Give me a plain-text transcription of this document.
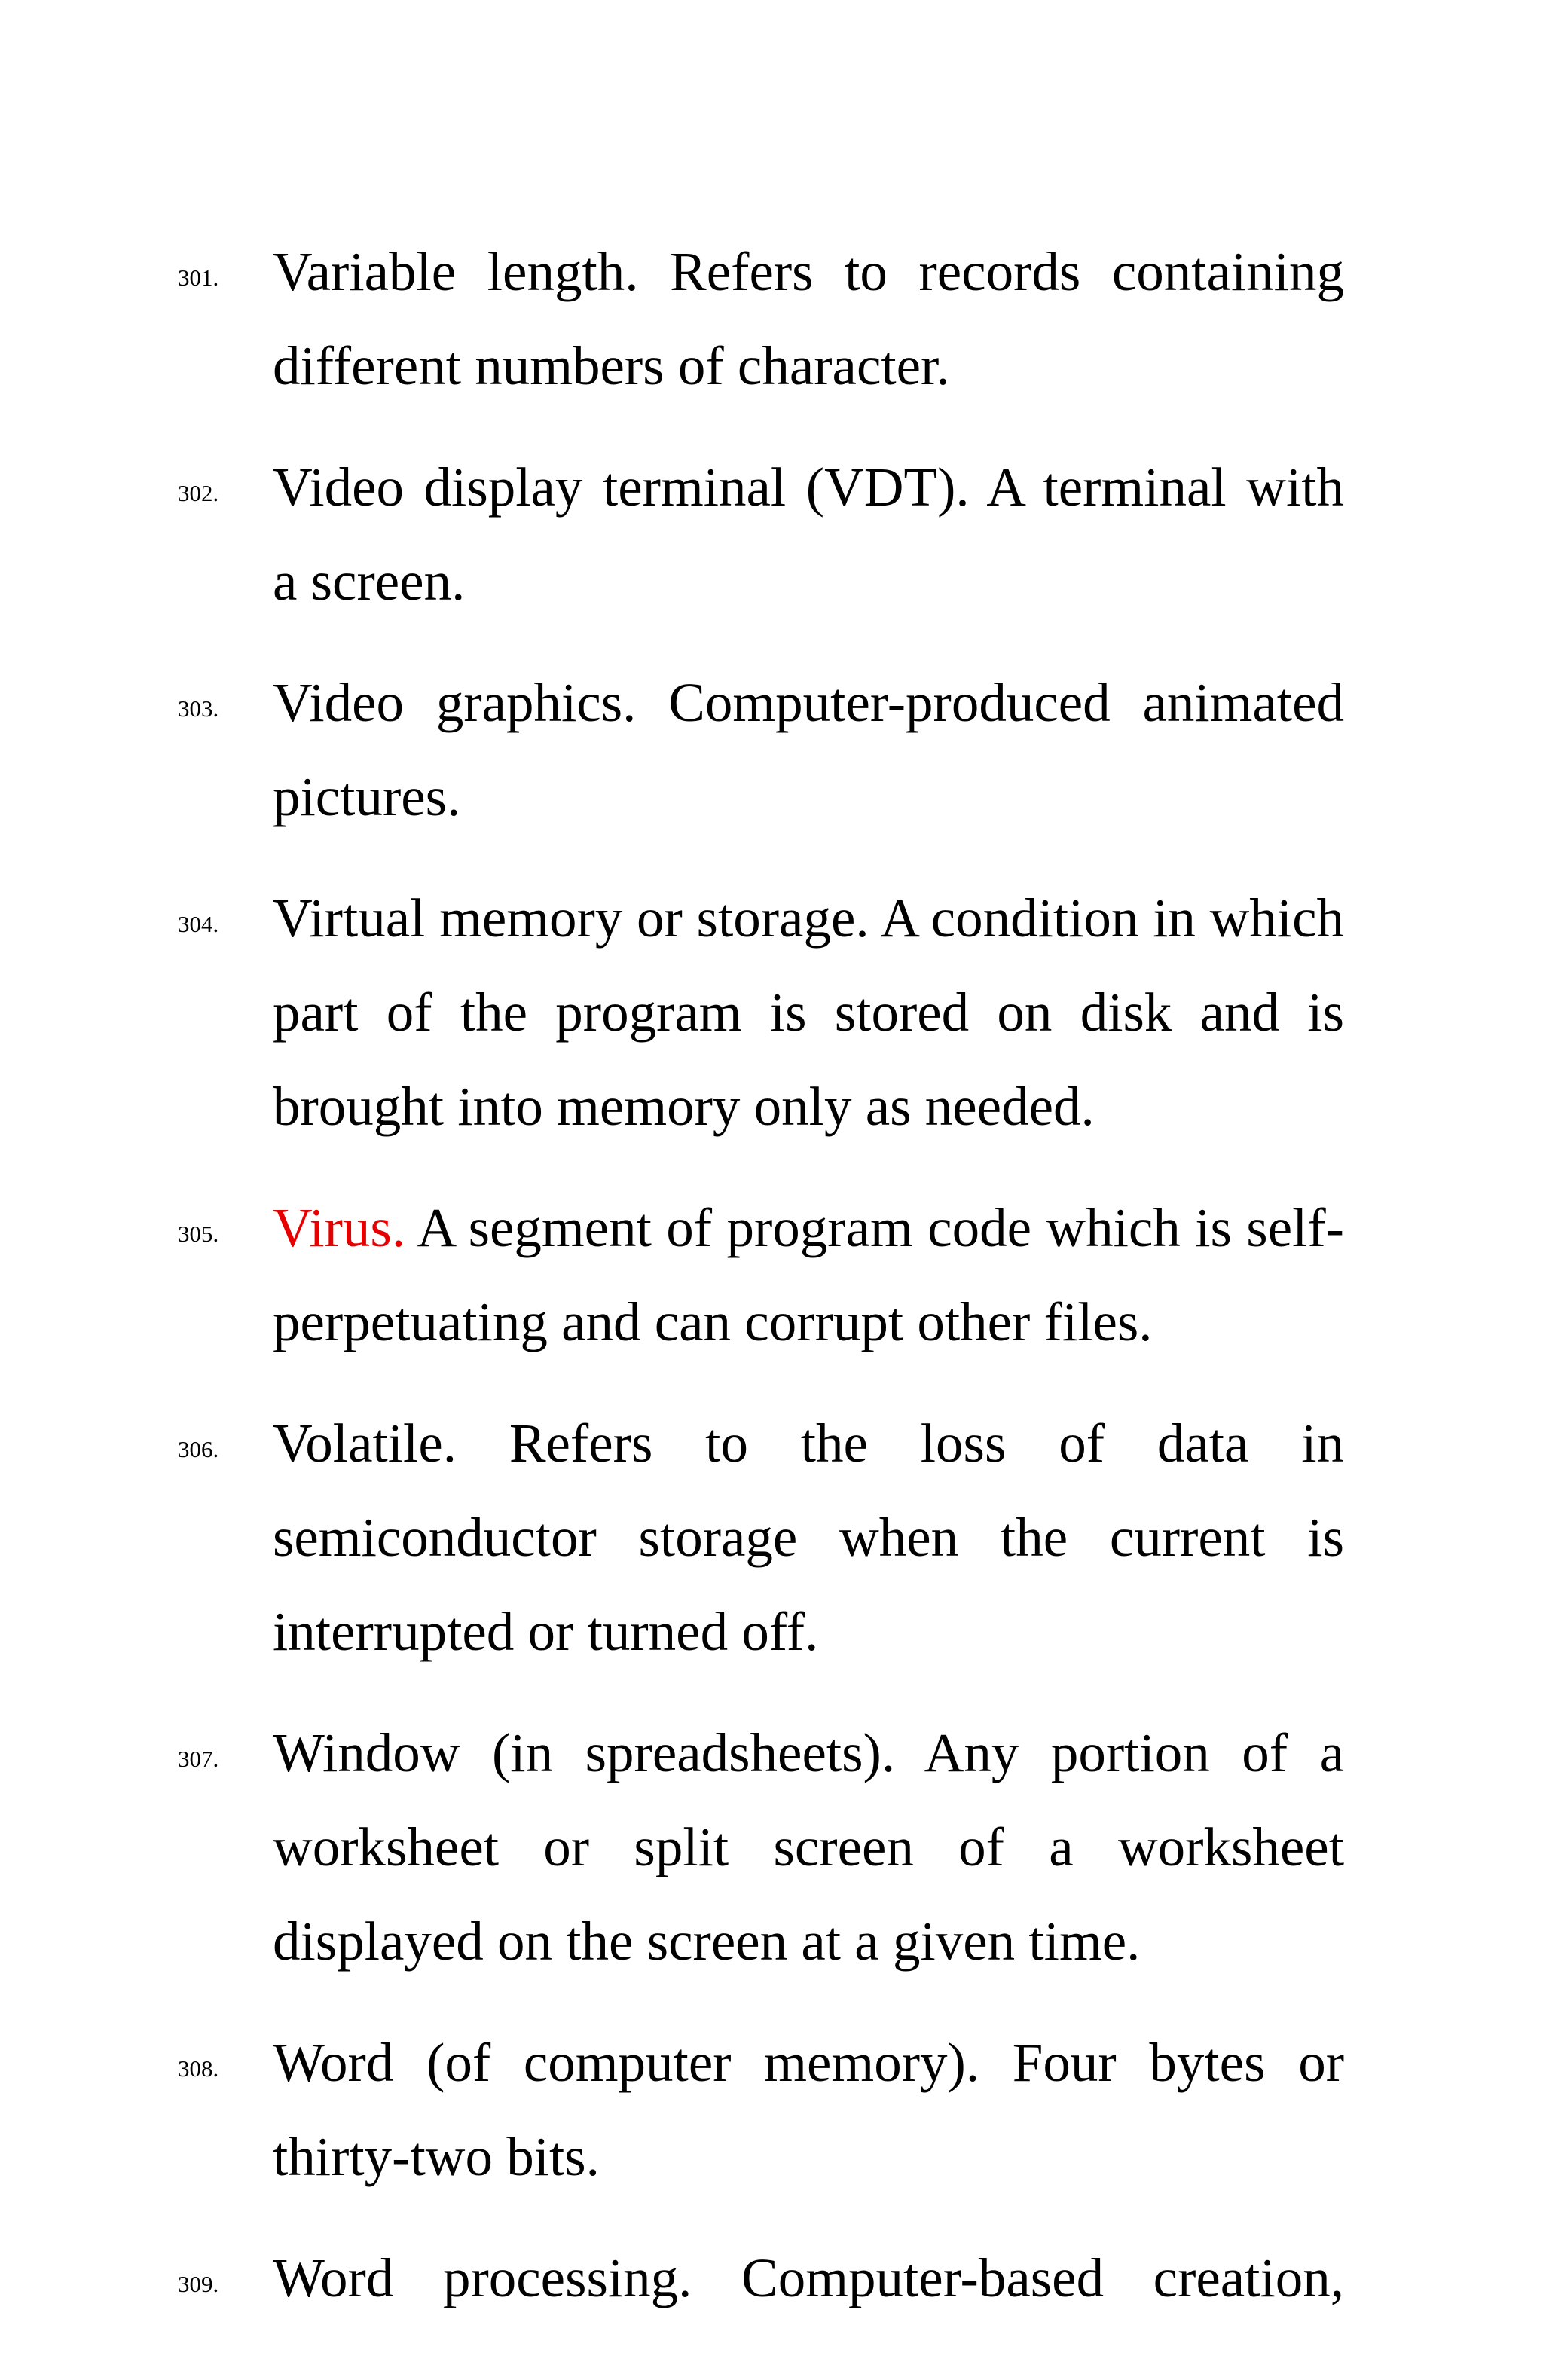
301. Variable length. Refers to records containing different numbers of character.

302. Video display terminal (VDT). A terminal with a screen.

303. Video graphics. Computer-produced animated pictures.

304. Virtual memory or storage. A condition in which part of the program is stored on disk and is brought into memory only as needed.

305. Virus. A segment of program code which is self-perpetuating and can corrupt other files.

306. Volatile. Refers to the loss of data in semiconductor storage when the current is interrupted or turned off.

307. Window (in spreadsheets). Any portion of a worksheet or split screen of a worksheet displayed on the screen at a given time.

308. Word (of computer memory). Four bytes or thirty-two bits.

309. Word processing. Computer-based creation,
